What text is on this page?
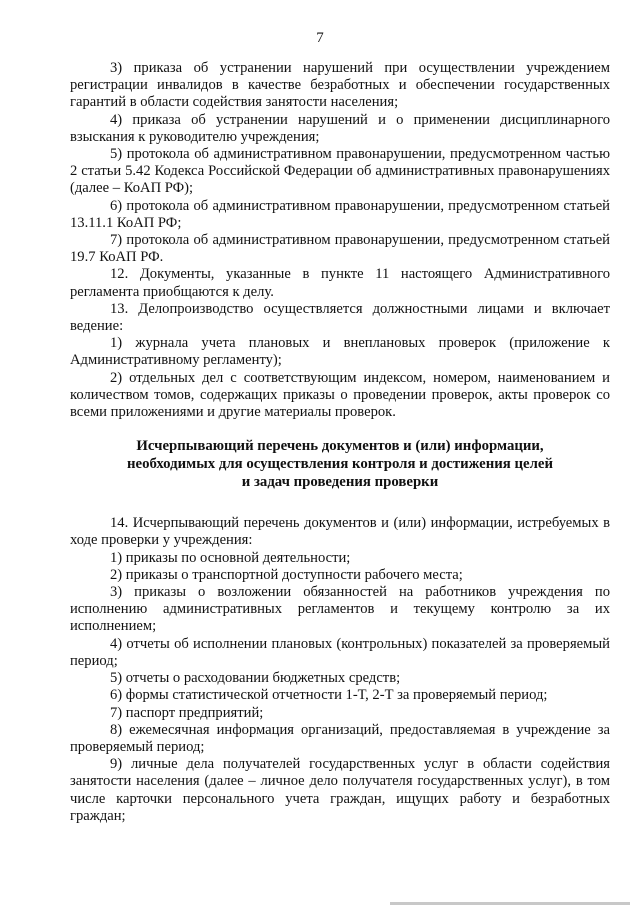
7

3) приказа об устранении нарушений при осуществлении учреждением регистрации инвалидов в качестве безработных и обеспечении государственных гарантий в области содействия занятости населения;

4) приказа об устранении нарушений и о применении дисциплинарного взыскания к руководителю учреждения;

5) протокола об административном правонарушении, предусмотренном частью 2 статьи 5.42 Кодекса Российской Федерации об административных правонарушениях (далее – КоАП РФ);

6) протокола об административном правонарушении, предусмотренном статьей 13.11.1 КоАП РФ;

7) протокола об административном правонарушении, предусмотренном статьей 19.7 КоАП РФ.

12. Документы, указанные в пункте 11 настоящего Административного регламента приобщаются к делу.

13. Делопроизводство осуществляется должностными лицами и включает ведение:

1) журнала учета плановых и внеплановых проверок (приложение к Административному регламенту);

2) отдельных дел с соответствующим индексом, номером, наименованием и количеством томов, содержащих приказы о проведении проверок, акты проверок со всеми приложениями и другие материалы проверок.

Исчерпывающий перечень документов и (или) информации,
необходимых для осуществления контроля и достижения целей
и задач проведения проверки

14. Исчерпывающий перечень документов и (или) информации, истребуемых в ходе проверки у учреждения:

1) приказы по основной деятельности;

2) приказы о транспортной доступности рабочего места;

3) приказы о возложении обязанностей на работников учреждения по исполнению административных регламентов и текущему контролю за их исполнением;

4) отчеты об исполнении плановых (контрольных) показателей за проверяемый период;

5) отчеты о расходовании бюджетных средств;

6) формы статистической отчетности 1-Т, 2-Т за проверяемый период;

7) паспорт предприятий;

8) ежемесячная информация организаций, предоставляемая в учреждение за проверяемый период;

9) личные дела получателей государственных услуг в области содействия занятости населения (далее – личное дело получателя государственных услуг), в том числе карточки персонального учета граждан, ищущих работу и безработных граждан;
